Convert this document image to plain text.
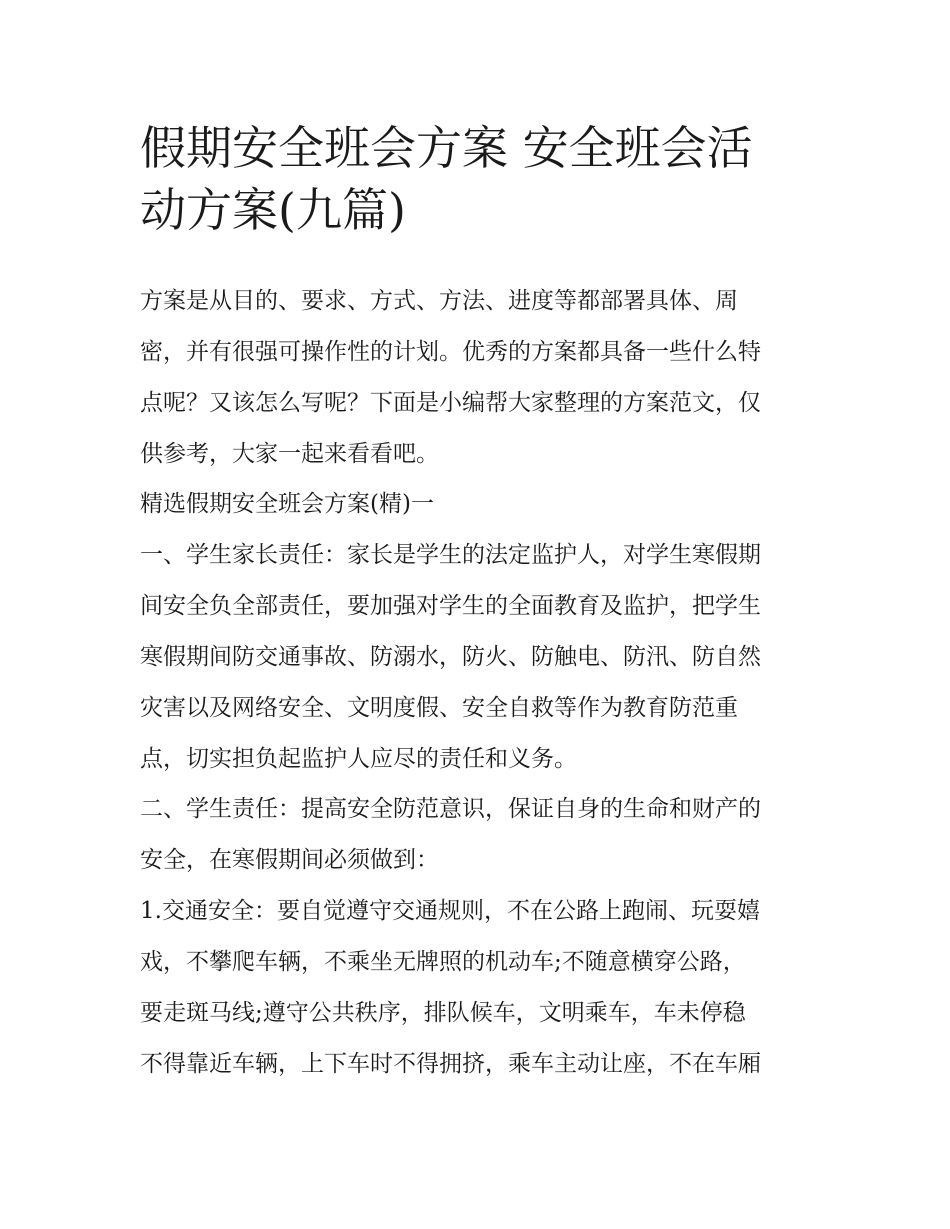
假期安全班会方案 安全班会活
动方案(九篇)
方案是从目的、要求、方式、方法、进度等都部署具体、周
密，并有很强可操作性的计划。优秀的方案都具备一些什么特
点呢？又该怎么写呢？下面是小编帮大家整理的方案范文，仅
供参考，大家一起来看看吧。
精选假期安全班会方案(精)一
一、学生家长责任：家长是学生的法定监护人，对学生寒假期
间安全负全部责任，要加强对学生的全面教育及监护，把学生
寒假期间防交通事故、防溺水，防火、防触电、防汛、防自然
灾害以及网络安全、文明度假、安全自救等作为教育防范重
点，切实担负起监护人应尽的责任和义务。
二、学生责任：提高安全防范意识，保证自身的生命和财产的
安全，在寒假期间必须做到：
1.交通安全：要自觉遵守交通规则，不在公路上跑闹、玩耍嬉
戏，不攀爬车辆，不乘坐无牌照的机动车;不随意横穿公路，
要走斑马线;遵守公共秩序，排队候车，文明乘车，车未停稳
不得靠近车辆，上下车时不得拥挤，乘车主动让座，不在车厢
